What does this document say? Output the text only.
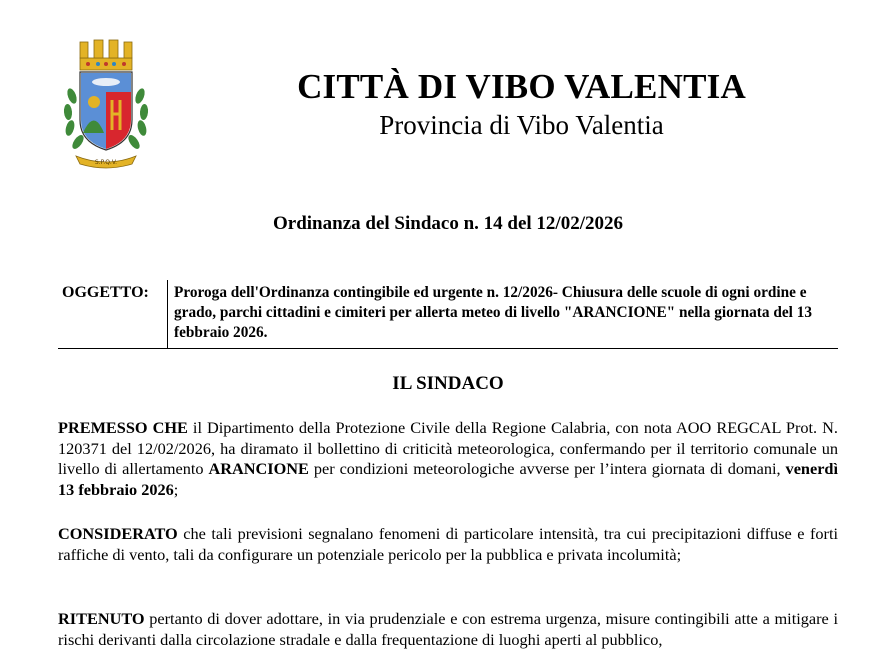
S.P.Q.V.
CITTÀ DI VIBO VALENTIA
Provincia di Vibo Valentia
Ordinanza del Sindaco n. 14 del 12/02/2026
OGGETTO: Proroga dell'Ordinanza contingibile ed urgente n. 12/2026- Chiusura delle scuole di ogni ordine e grado, parchi cittadini e cimiteri per allerta meteo di livello "ARANCIONE" nella giornata del 13 febbraio 2026.
IL SINDACO

PREMESSO CHE il Dipartimento della Protezione Civile della Regione Calabria, con nota AOO REGCAL Prot. N. 120371 del 12/02/2026, ha diramato il bollettino di criticità meteorologica, confermando per il territorio comunale un livello di allertamento ARANCIONE per condizioni meteorologiche avverse per l’intera giornata di domani, venerdì 13 febbraio 2026;

CONSIDERATO che tali previsioni segnalano fenomeni di particolare intensità, tra cui precipitazioni diffuse e forti raffiche di vento, tali da configurare un potenziale pericolo per la pubblica e privata incolumità;

RITENUTO pertanto di dover adottare, in via prudenziale e con estrema urgenza, misure contingibili atte a mitigare i rischi derivanti dalla circolazione stradale e dalla frequentazione di luoghi aperti al pubblico,
